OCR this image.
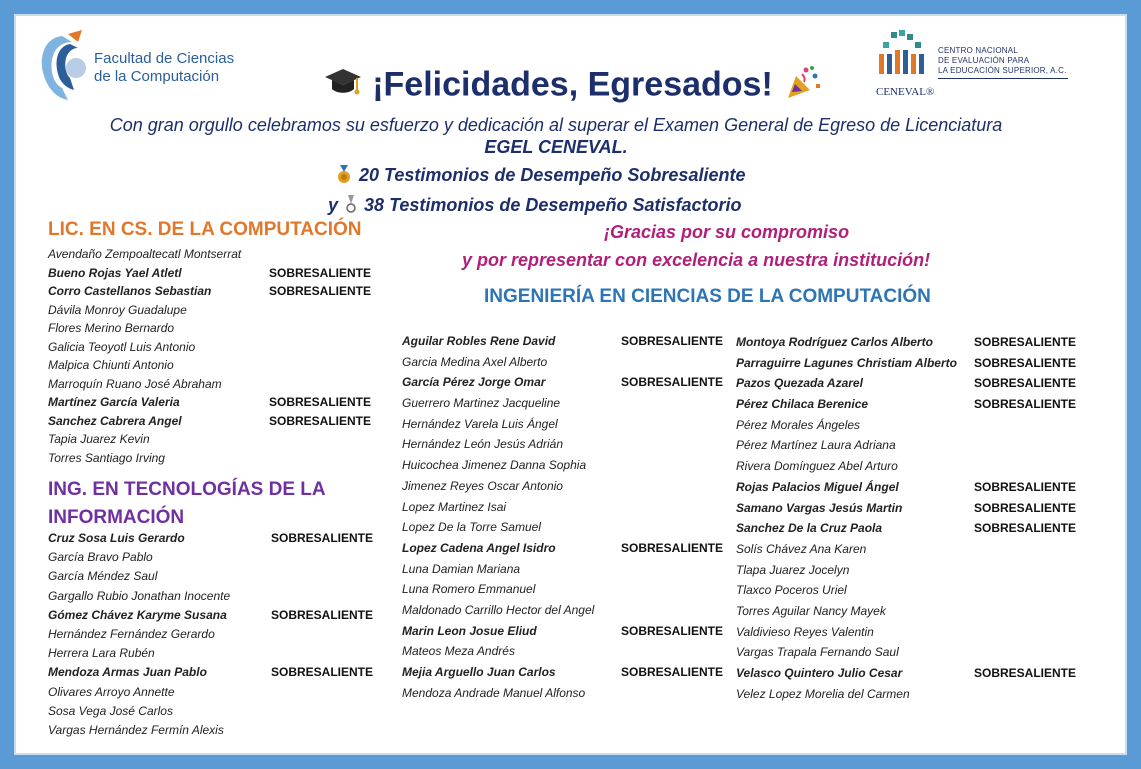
Facultad de Ciencias
de la Computación
CENTRO NACIONAL
DE EVALUACIÓN PARA
LA EDUCACIÓN SUPERIOR, A.C.
CENEVAL®
¡Felicidades, Egresados!
Con gran orgullo celebramos su esfuerzo y dedicación al superar el Examen General de Egreso de Licenciatura
EGEL CENEVAL.
20 Testimonios de Desempeño Sobresaliente
y 38 Testimonios de Desempeño Satisfactorio
¡Gracias por su compromiso
y por representar con excelencia a nuestra institución!
LIC. EN CS. DE LA COMPUTACIÓN
Avendaño Zempoaltecatl Montserrat
Bueno Rojas Yael Atletl	SOBRESALIENTE
Corro Castellanos Sebastian	SOBRESALIENTE
Dávila Monroy Guadalupe
Flores Merino Bernardo
Galicia Teoyotl Luis Antonio
Malpica Chiunti Antonio
Marroquín Ruano José Abraham
Martínez García Valeria	SOBRESALIENTE
Sanchez Cabrera Angel	SOBRESALIENTE
Tapia Juarez Kevin
Torres Santiago Irving
ING. EN TECNOLOGÍAS DE LA
INFORMACIÓN
Cruz Sosa Luis Gerardo	SOBRESALIENTE
García Bravo Pablo
García Méndez Saul
Gargallo Rubio Jonathan Inocente
Gómez Chávez Karyme Susana	SOBRESALIENTE
Hernández Fernández Gerardo
Herrera Lara Rubén
Mendoza Armas Juan Pablo	SOBRESALIENTE
Olivares Arroyo Annette
Sosa Vega José Carlos
Vargas Hernández Fermín Alexis
INGENIERÍA EN CIENCIAS DE LA COMPUTACIÓN
Aguilar Robles Rene David	SOBRESALIENTE
Garcia Medina Axel Alberto
García Pérez Jorge Omar	SOBRESALIENTE
Guerrero Martinez Jacqueline
Hernández Varela Luis Ángel
Hernández León Jesús Adrián
Huicochea Jimenez Danna Sophia
Jimenez Reyes Oscar Antonio
Lopez Martinez Isai
Lopez De la Torre Samuel
Lopez Cadena Angel Isidro	SOBRESALIENTE
Luna Damian Mariana
Luna Romero Emmanuel
Maldonado Carrillo Hector del Angel
Marin Leon Josue Eliud	SOBRESALIENTE
Mateos Meza Andrés
Mejia Arguello Juan Carlos	SOBRESALIENTE
Mendoza Andrade Manuel Alfonso
Montoya Rodríguez Carlos Alberto	SOBRESALIENTE
Parraguirre Lagunes Christiam Alberto SOBRESALIENTE
Pazos Quezada Azarel	SOBRESALIENTE
Pérez Chilaca Berenice	SOBRESALIENTE
Pérez Morales Ángeles
Pérez Martínez Laura Adriana
Rivera Domínguez Abel Arturo
Rojas Palacios Miguel Ángel	SOBRESALIENTE
Samano Vargas Jesús Martin	SOBRESALIENTE
Sanchez De la Cruz Paola	SOBRESALIENTE
Solís Chávez Ana Karen
Tlapa Juarez Jocelyn
Tlaxco Poceros Uriel
Torres Aguilar Nancy Mayek
Valdivieso Reyes Valentin
Vargas Trapala Fernando Saul
Velasco Quintero Julio Cesar	SOBRESALIENTE
Velez Lopez Morelia del Carmen
